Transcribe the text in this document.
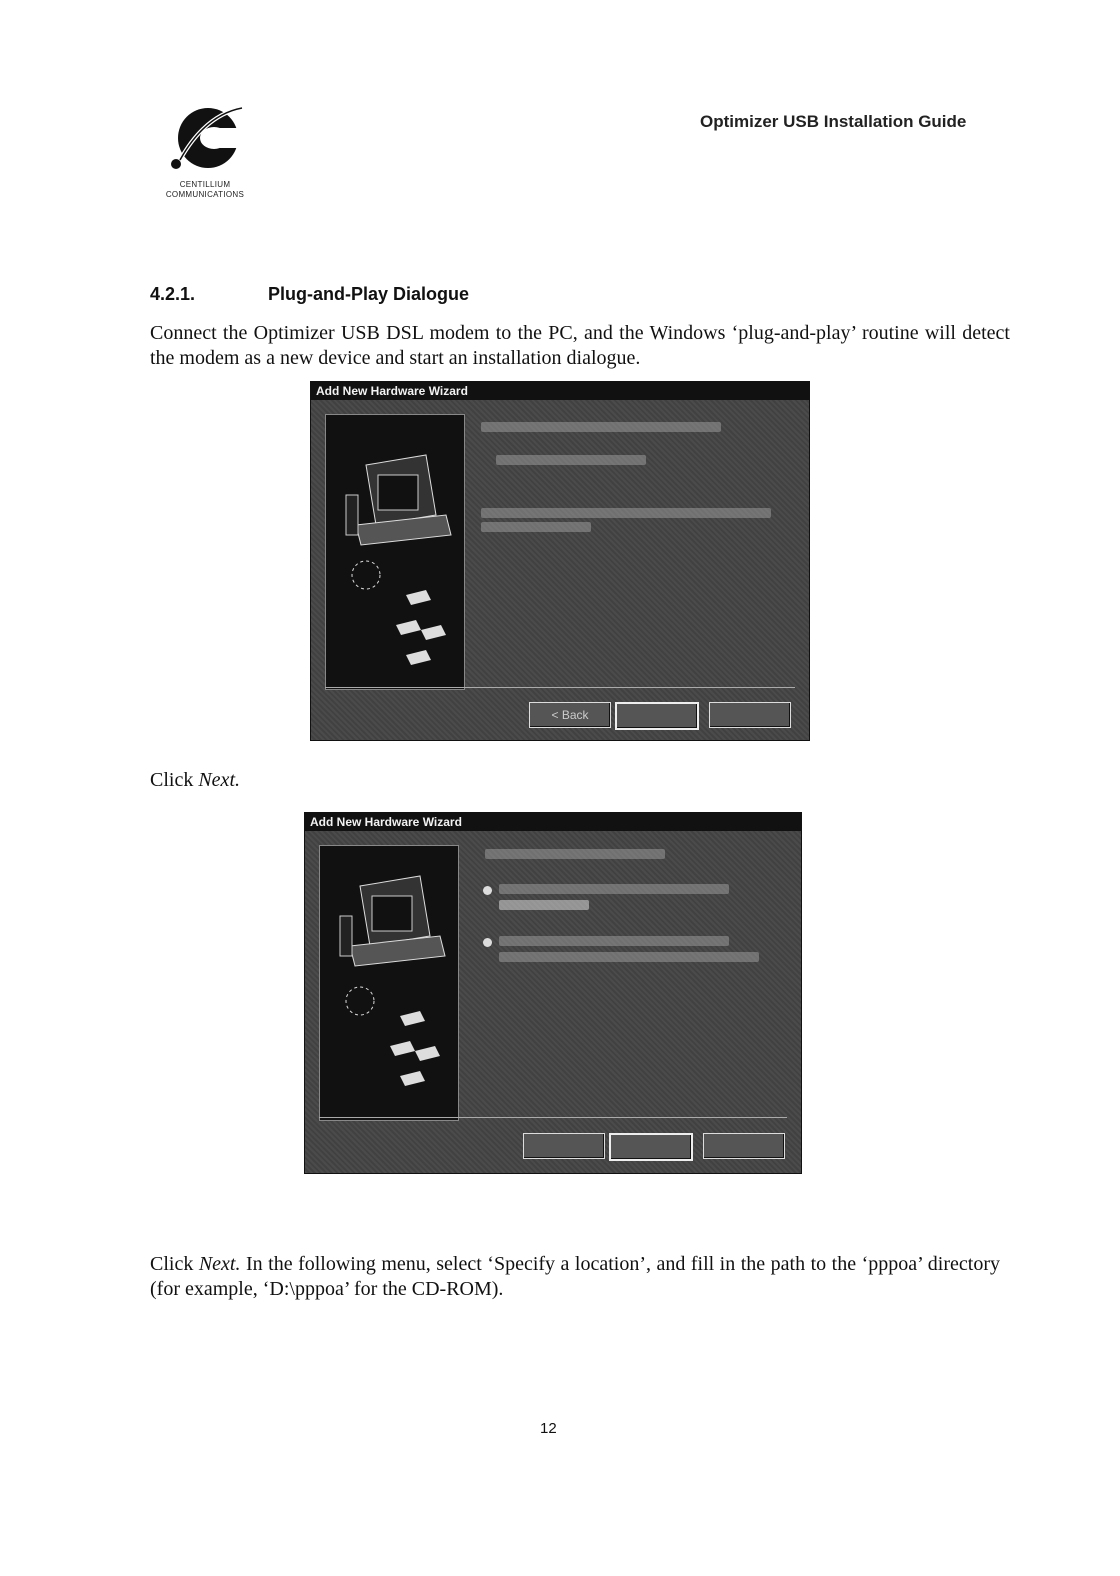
CENTILLIUM
COMMUNICATIONS
Optimizer USB Installation Guide
4.2.1.	Plug-and-Play Dialogue
Connect the Optimizer USB DSL modem to the PC, and the Windows ‘plug-and-play’ routine will detect the modem as a new device and start an installation dialogue.
Add New Hardware Wizard
< Back
Click Next.
Add New Hardware Wizard
Click Next. In the following menu, select ‘Specify a location’, and fill in the path to the ‘pppoa’ directory (for example, ‘D:\pppoa’ for the CD-ROM).
12
